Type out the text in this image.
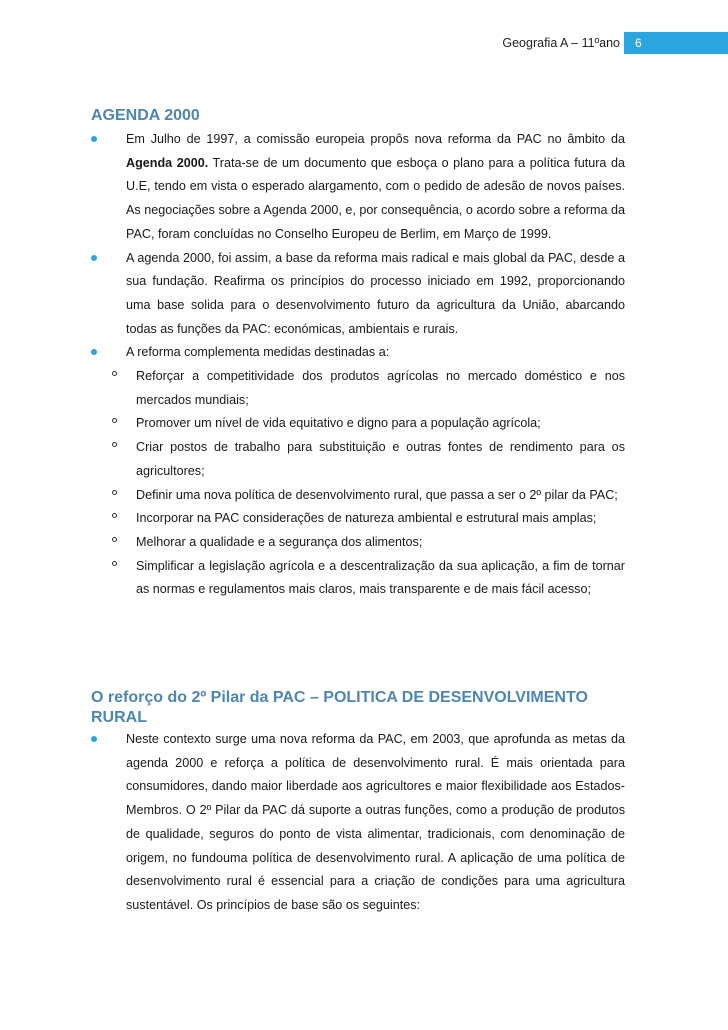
Geografia A – 11ºano	6
AGENDA 2000

Em Julho de 1997, a comissão europeia propôs nova reforma da PAC no âmbito da Agenda 2000. Trata-se de um documento que esboça o plano para a política futura da U.E, tendo em vista o esperado alargamento, com o pedido de adesão de novos países. As negociações sobre a Agenda 2000, e, por consequência, o acordo sobre a reforma da PAC, foram concluídas no Conselho Europeu de Berlim, em Março de 1999.

A agenda 2000, foi assim, a base da reforma mais radical e mais global da PAC, desde a sua fundação. Reafirma os princípios do processo iniciado em 1992, proporcionando uma base solida para o desenvolvimento futuro da agricultura da União, abarcando todas as funções da PAC: económicas, ambientais e rurais.

A reforma complementa medidas destinadas a:

Reforçar a competitividade dos produtos agrícolas no mercado doméstico e nos mercados mundiais;

Promover um nível de vida equitativo e digno para a população agrícola;

Criar postos de trabalho para substituição e outras fontes de rendimento para os agricultores;

Definir uma nova política de desenvolvimento rural, que passa a ser o 2º pilar da PAC;

Incorporar na PAC considerações de natureza ambiental e estrutural mais amplas;

Melhorar a qualidade e a segurança dos alimentos;

Simplificar a legislação agrícola e a descentralização da sua aplicação, a fim de tornar as normas e regulamentos mais claros, mais transparente e de mais fácil acesso;

O reforço do 2º Pilar da PAC – POLITICA DE DESENVOLVIMENTO RURAL

Neste contexto surge uma nova reforma da PAC, em 2003, que aprofunda as metas da agenda 2000 e reforça a política de desenvolvimento rural. É mais orientada para consumidores, dando maior liberdade aos agricultores e maior flexibilidade aos Estados-Membros. O 2º Pilar da PAC dá suporte a outras funções, como a produção de produtos de qualidade, seguros do ponto de vista alimentar, tradicionais, com denominação de origem, no fundouma política de desenvolvimento rural. A aplicação de uma política de desenvolvimento rural é essencial para a criação de condições para uma agricultura sustentável. Os princípios de base são os seguintes:
